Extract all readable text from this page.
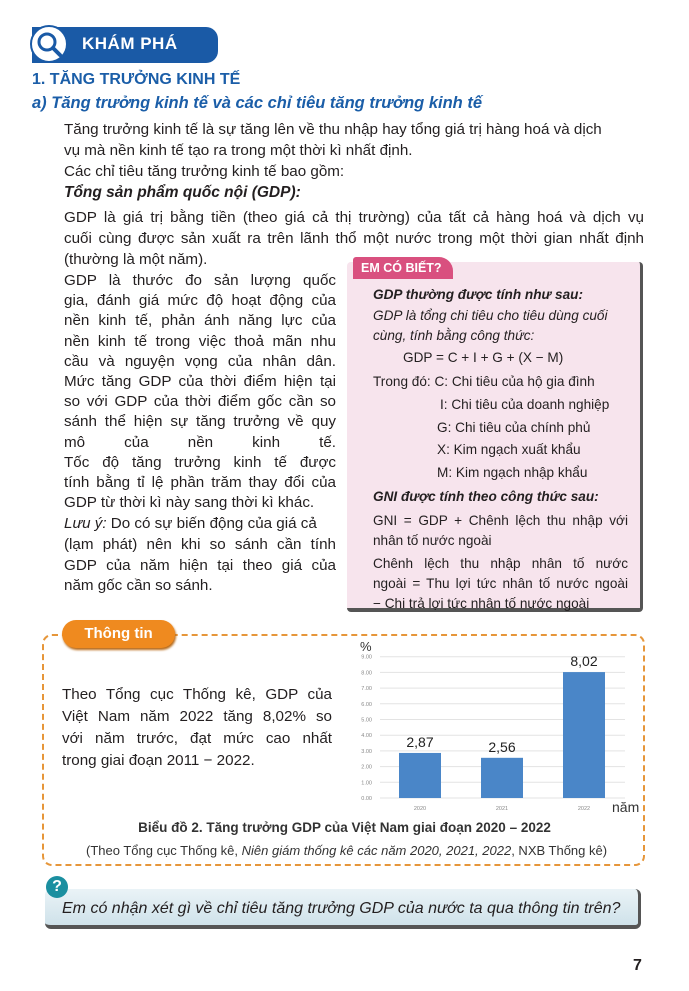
KHÁM PHÁ
1. TĂNG TRƯỞNG KINH TẾ
a) Tăng trưởng kinh tế và các chỉ tiêu tăng trưởng kinh tế
Tổng sản phẩm quốc nội (GDP):
Lưu ý: Do có sự biến động của giá cả
EM CÓ BIẾT?
Thông tin
0.00
1.00
2.00
3.00
4.00
5.00
6.00
7.00
8.00
9.00
%
năm
2,87
2020
2,56
2021
8,02
2022
Biểu đồ 2. Tăng trưởng GDP của Việt Nam giai đoạn 2020 – 2022
(Theo Tổng cục Thống kê, Niên giám thống kê các năm 2020, 2021, 2022, NXB Thống kê)
?
Em có nhận xét gì về chỉ tiêu tăng trưởng GDP của nước ta qua thông tin trên?
7
Tăng trưởng kinh tế là sự tăng lên về thu nhập hay tổng giá trị hàng hoá và dịch
vụ mà nền kinh tế tạo ra trong một thời kì nhất định.
Các chỉ tiêu tăng trưởng kinh tế bao gồm:
GDP là giá trị bằng tiền (theo giá cả thị trường) của tất cả hàng hoá và dịch vụ
cuối cùng được sản xuất ra trên lãnh thổ một nước trong một thời gian nhất định
(thường là một năm).
GDP là thước đo sản lượng quốc
gia, đánh giá mức độ hoạt động của
nền kinh tế, phản ánh năng lực của
nền kinh tế trong việc thoả mãn nhu
cầu và nguyện vọng của nhân dân.
Mức tăng GDP của thời điểm hiện tại
so với GDP của thời điểm gốc cần so
sánh thể hiện sự tăng trưởng về quy
mô của nền kinh tế.
Tốc độ tăng trưởng kinh tế được
tính bằng tỉ lệ phần trăm thay đổi của
GDP từ thời kì này sang thời kì khác.
(lạm phát) nên khi so sánh cần tính
GDP của năm hiện tại theo giá của
năm gốc cần so sánh.
GDP thường được tính như sau:
GDP là tổng chi tiêu cho tiêu dùng cuối
cùng, tính bằng công thức:
GDP = C + I + G + (X − M)
Trong đó: C: Chi tiêu của hộ gia đình
I: Chi tiêu của doanh nghiệp
G: Chi tiêu của chính phủ
X: Kim ngạch xuất khẩu
M: Kim ngạch nhập khẩu
GNI được tính theo công thức sau:
GNI = GDP + Chênh lệch thu nhập với
nhân tố nước ngoài
Chênh lệch thu nhập nhân tố nước
ngoài = Thu lợi tức nhân tố nước ngoài
− Chi trả lợi tức nhân tố nước ngoài
Theo Tổng cục Thống kê, GDP của
Việt Nam năm 2022 tăng 8,02% so
với năm trước, đạt mức cao nhất
trong giai đoạn 2011 − 2022.
